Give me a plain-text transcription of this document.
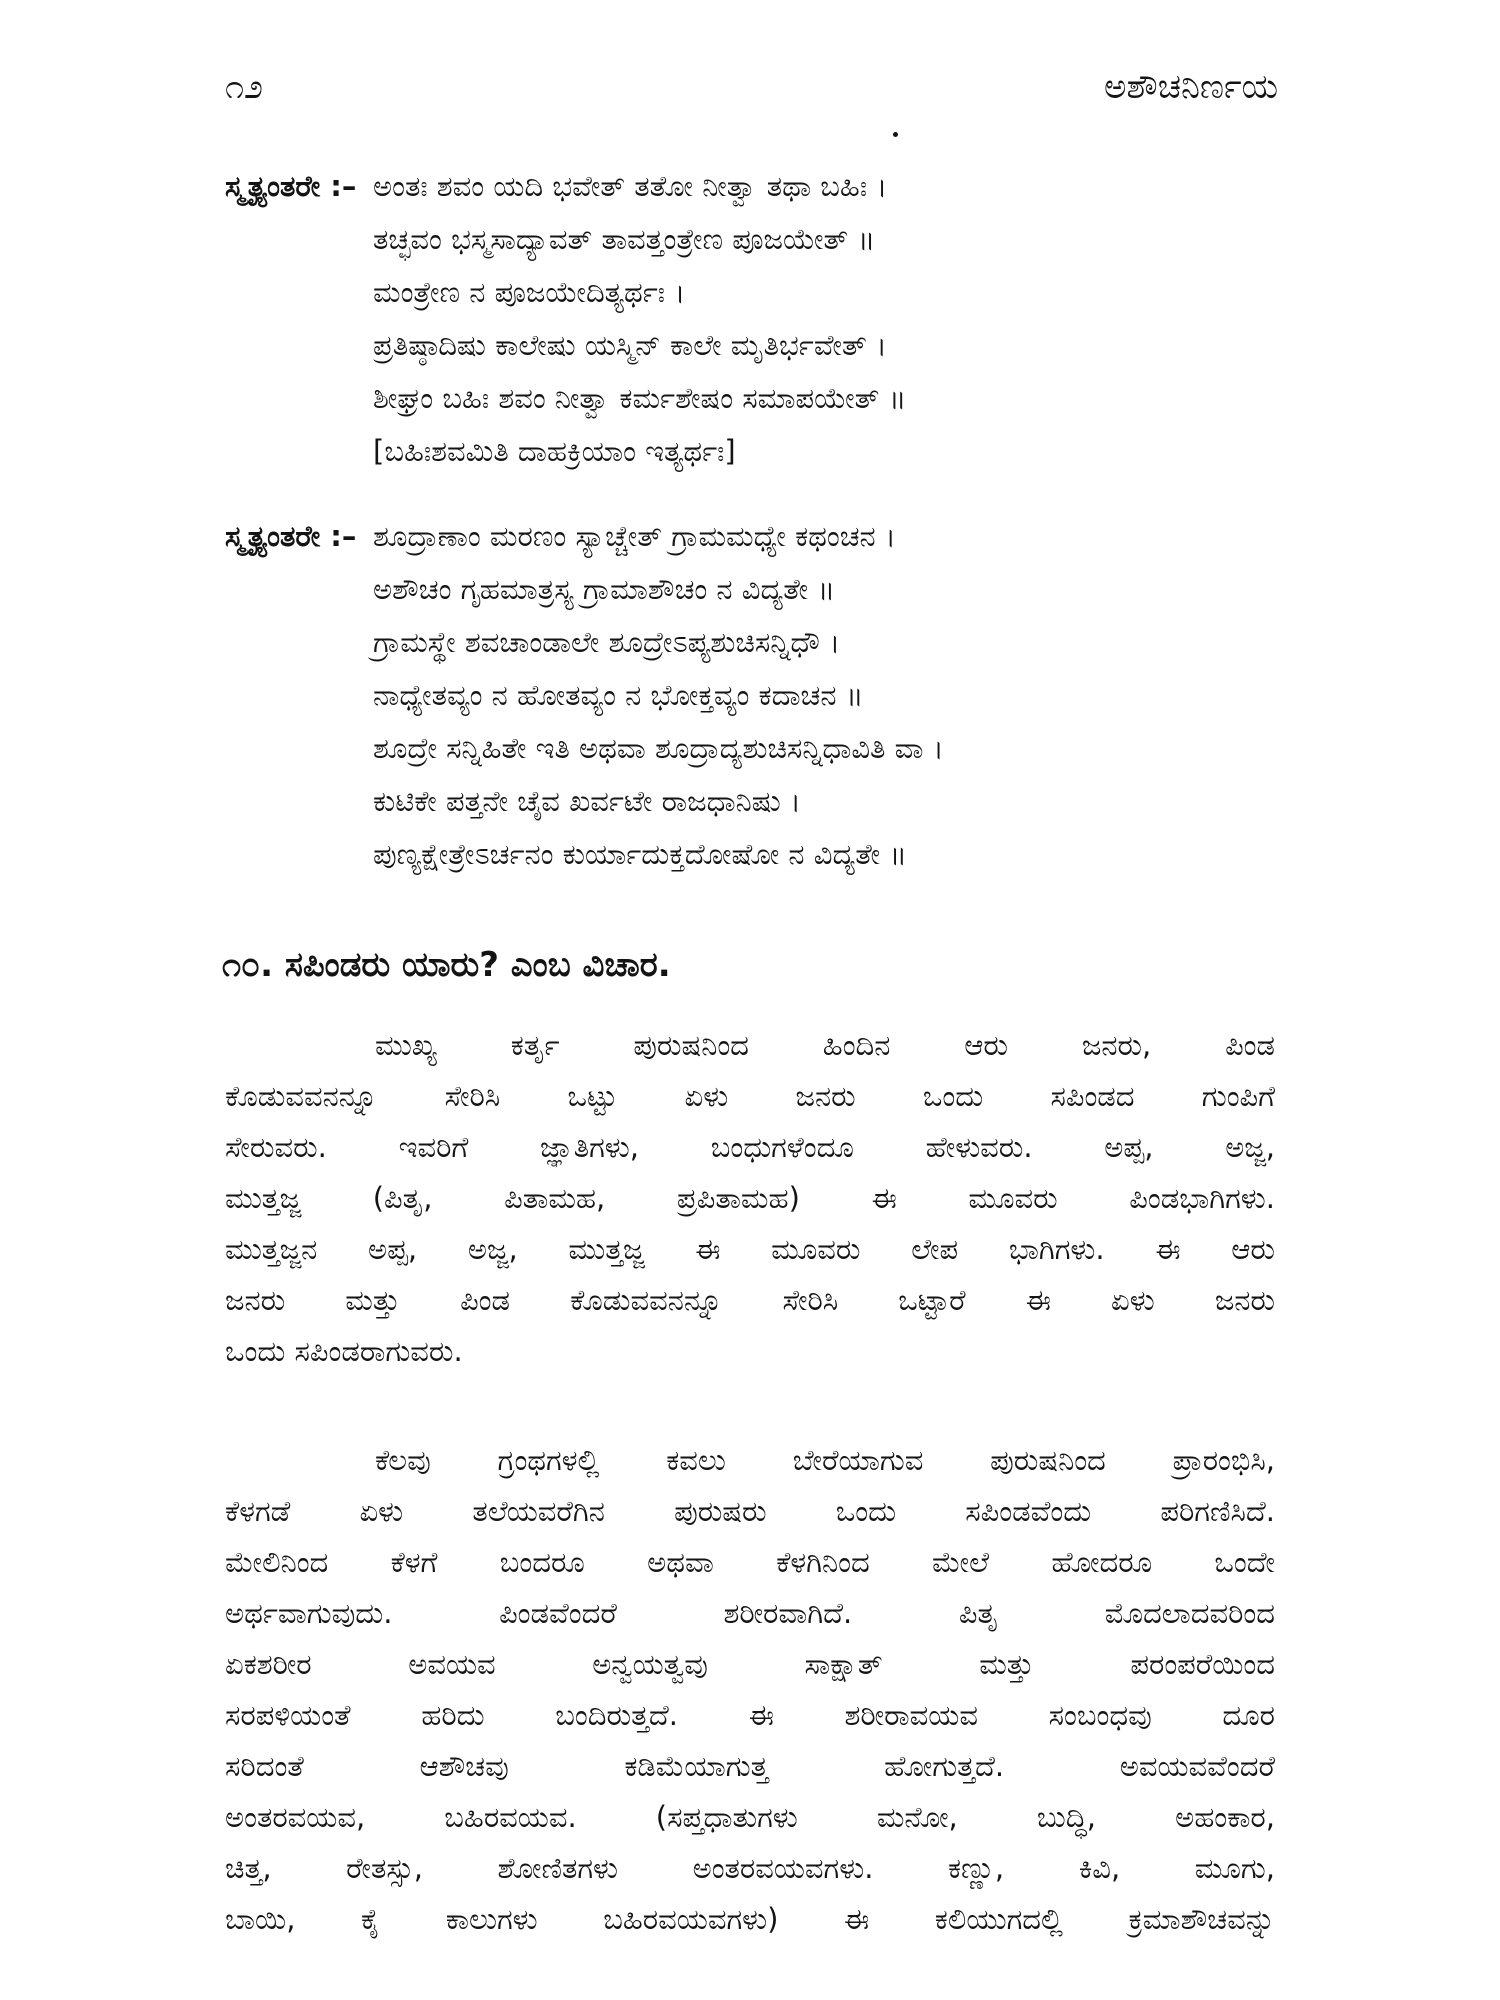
೧೨	ಅಶೌಚನಿರ್ಣಯ
ಸ್ಮೃತ್ಯಂತರೇ :– ಅಂತಃ ಶವಂ ಯದಿ ಭವೇತ್ ತತೋ ನೀತ್ವಾ ತಥಾ ಬಹಿಃ ।
ತಚ್ಛವಂ ಭಸ್ಮಸಾದ್ಯಾವತ್ ತಾವತ್ತಂತ್ರೇಣ ಪೂಜಯೇತ್ ॥
ಮಂತ್ರೇಣ ನ ಪೂಜಯೇದಿತ್ಯರ್ಥಃ ।
ಪ್ರತಿಷ್ಠಾದಿಷು ಕಾಲೇಷು ಯಸ್ಮಿನ್ ಕಾಲೇ ಮೃತಿರ್ಭವೇತ್ ।
ಶೀಘ್ರಂ ಬಹಿಃ ಶವಂ ನೀತ್ವಾ ಕರ್ಮಶೇಷಂ ಸಮಾಪಯೇತ್ ॥
[ಬಹಿಃಶವಮಿತಿ ದಾಹಕ್ರಿಯಾಂ ಇತ್ಯರ್ಥಃ]
ಸ್ಮೃತ್ಯಂತರೇ :– ಶೂದ್ರಾಣಾಂ ಮರಣಂ ಸ್ಯಾಚ್ಚೇತ್ ಗ್ರಾಮಮಧ್ಯೇ ಕಥಂಚನ ।
ಅಶೌಚಂ ಗೃಹಮಾತ್ರಸ್ಯ ಗ್ರಾಮಾಶೌಚಂ ನ ವಿದ್ಯತೇ ॥
ಗ್ರಾಮಸ್ಥೇ ಶವಚಾಂಡಾಲೇ ಶೂದ್ರೇಽಪ್ಯಶುಚಿಸನ್ನಿಧೌ ।
ನಾಧ್ಯೇತವ್ಯಂ ನ ಹೋತವ್ಯಂ ನ ಭೋಕ್ತವ್ಯಂ ಕದಾಚನ ॥
ಶೂದ್ರೇ ಸನ್ನಿಹಿತೇ ಇತಿ ಅಥವಾ ಶೂದ್ರಾದ್ಯಶುಚಿಸನ್ನಿಧಾವಿತಿ ವಾ ।
ಕುಟಿಕೇ ಪತ್ತನೇ ಚೈವ ಖರ್ವಟೇ ರಾಜಧಾನಿಷು ।
ಪುಣ್ಯಕ್ಷೇತ್ರೇಽರ್ಚನಂ ಕುರ್ಯಾದುಕ್ತದೋಷೋ ನ ವಿದ್ಯತೇ ॥
೧೦. ಸಪಿಂಡರು ಯಾರು? ಎಂಬ ವಿಚಾರ.
ಮುಖ್ಯ ಕರ್ತೃ ಪುರುಷನಿಂದ ಹಿಂದಿನ ಆರು ಜನರು, ಪಿಂಡ
ಕೊಡುವವನನ್ನೂ ಸೇರಿಸಿ ಒಟ್ಟು ಏಳು ಜನರು ಒಂದು ಸಪಿಂಡದ ಗುಂಪಿಗೆ
ಸೇರುವರು. ಇವರಿಗೆ ಜ್ಞಾತಿಗಳು, ಬಂಧುಗಳೆಂದೂ ಹೇಳುವರು. ಅಪ್ಪ, ಅಜ್ಜ,
ಮುತ್ತಜ್ಜ (ಪಿತೃ, ಪಿತಾಮಹ, ಪ್ರಪಿತಾಮಹ) ಈ ಮೂವರು ಪಿಂಡಭಾಗಿಗಳು.
ಮುತ್ತಜ್ಜನ ಅಪ್ಪ, ಅಜ್ಜ, ಮುತ್ತಜ್ಜ ಈ ಮೂವರು ಲೇಪ ಭಾಗಿಗಳು. ಈ ಆರು
ಜನರು ಮತ್ತು ಪಿಂಡ ಕೊಡುವವನನ್ನೂ ಸೇರಿಸಿ ಒಟ್ಟಾರೆ ಈ ಏಳು ಜನರು
ಒಂದು ಸಪಿಂಡರಾಗುವರು.
ಕೆಲವು ಗ್ರಂಥಗಳಲ್ಲಿ ಕವಲು ಬೇರೆಯಾಗುವ ಪುರುಷನಿಂದ ಪ್ರಾರಂಭಿಸಿ,
ಕೆಳಗಡೆ ಏಳು ತಲೆಯವರೆಗಿನ ಪುರುಷರು ಒಂದು ಸಪಿಂಡವೆಂದು ಪರಿಗಣಿಸಿದೆ.
ಮೇಲಿನಿಂದ ಕೆಳಗೆ ಬಂದರೂ ಅಥವಾ ಕೆಳಗಿನಿಂದ ಮೇಲೆ ಹೋದರೂ ಒಂದೇ
ಅರ್ಥವಾಗುವುದು. ಪಿಂಡವೆಂದರೆ ಶರೀರವಾಗಿದೆ. ಪಿತೃ ಮೊದಲಾದವರಿಂದ
ಏಕಶರೀರ ಅವಯವ ಅನ್ವಯತ್ವವು ಸಾಕ್ಷಾತ್ ಮತ್ತು ಪರಂಪರೆಯಿಂದ
ಸರಪಳಿಯಂತೆ ಹರಿದು ಬಂದಿರುತ್ತದೆ. ಈ ಶರೀರಾವಯವ ಸಂಬಂಧವು ದೂರ
ಸರಿದಂತೆ ಆಶೌಚವು ಕಡಿಮೆಯಾಗುತ್ತ ಹೋಗುತ್ತದೆ. ಅವಯವವೆಂದರೆ
ಅಂತರವಯವ, ಬಹಿರವಯವ. (ಸಪ್ತಧಾತುಗಳು ಮನೋ, ಬುದ್ಧಿ, ಅಹಂಕಾರ,
ಚಿತ್ತ, ರೇತಸ್ಸು, ಶೋಣಿತಗಳು ಅಂತರವಯವಗಳು. ಕಣ್ಣು, ಕಿವಿ, ಮೂಗು,
ಬಾಯಿ, ಕೈ ಕಾಲುಗಳು ಬಹಿರವಯವಗಳು) ಈ ಕಲಿಯುಗದಲ್ಲಿ ಕ್ರಮಾಶೌಚವನ್ನು
